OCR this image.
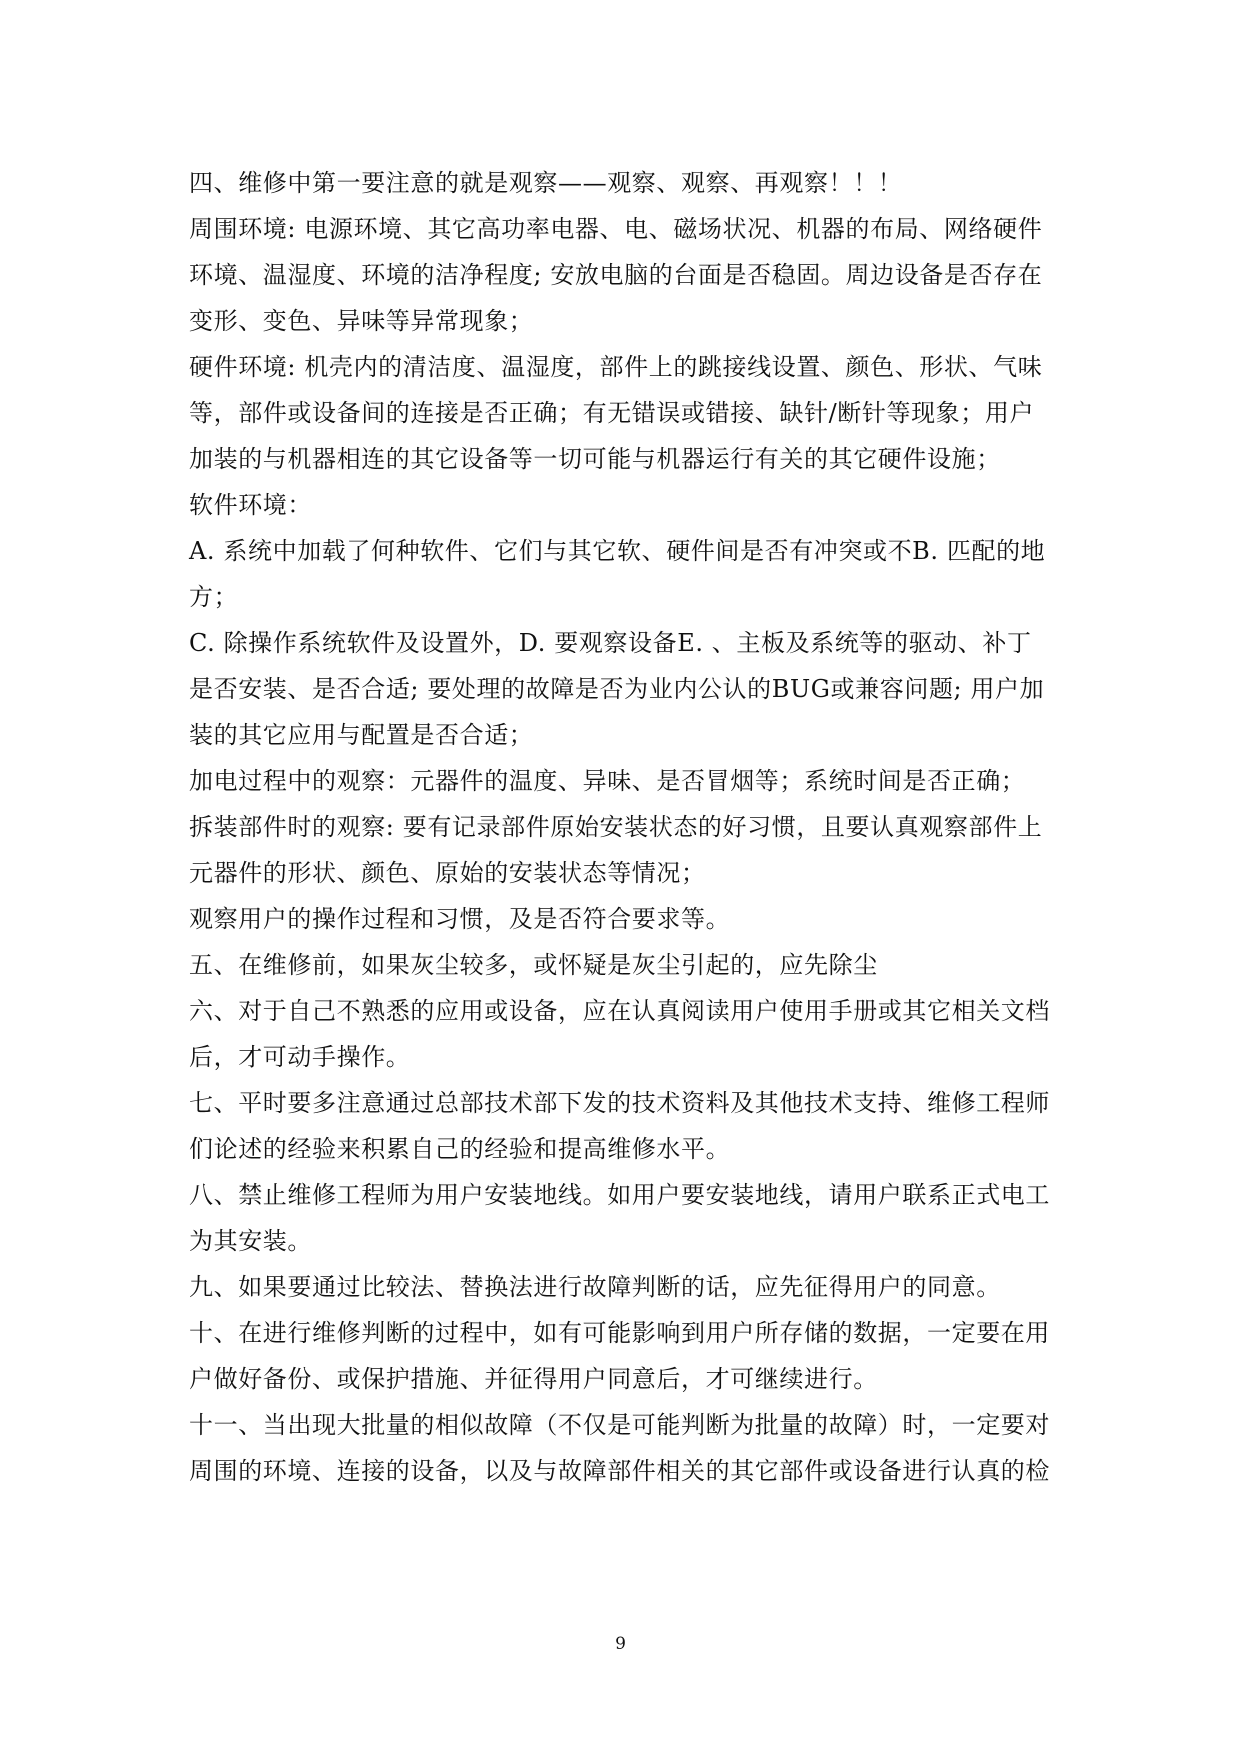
四、维修中第一要注意的就是观察——观察、观察、再观察！！！
周围环境: 电源环境、其它高功率电器、电、磁场状况、机器的布局、网络硬件
环境、温湿度、环境的洁净程度; 安放电脑的台面是否稳固。周边设备是否存在
变形、变色、异味等异常现象；
硬件环境: 机壳内的清洁度、温湿度，部件上的跳接线设置、颜色、形状、气味
等，部件或设备间的连接是否正确；有无错误或错接、缺针/断针等现象；用户
加装的与机器相连的其它设备等一切可能与机器运行有关的其它硬件设施；
软件环境：
A. 系统中加载了何种软件、它们与其它软、硬件间是否有冲突或不B. 匹配的地
方；
C. 除操作系统软件及设置外，D. 要观察设备E. 、主板及系统等的驱动、补丁
是否安装、是否合适; 要处理的故障是否为业内公认的BUG或兼容问题; 用户加
装的其它应用与配置是否合适；
加电过程中的观察：元器件的温度、异味、是否冒烟等；系统时间是否正确；
拆装部件时的观察: 要有记录部件原始安装状态的好习惯，且要认真观察部件上
元器件的形状、颜色、原始的安装状态等情况；
观察用户的操作过程和习惯，及是否符合要求等。
五、在维修前，如果灰尘较多，或怀疑是灰尘引起的，应先除尘
六、对于自己不熟悉的应用或设备，应在认真阅读用户使用手册或其它相关文档
后，才可动手操作。
七、平时要多注意通过总部技术部下发的技术资料及其他技术支持、维修工程师
们论述的经验来积累自己的经验和提高维修水平。
八、禁止维修工程师为用户安装地线。如用户要安装地线，请用户联系正式电工
为其安装。
九、如果要通过比较法、替换法进行故障判断的话，应先征得用户的同意。
十、在进行维修判断的过程中，如有可能影响到用户所存储的数据，一定要在用
户做好备份、或保护措施、并征得用户同意后，才可继续进行。
十一、当出现大批量的相似故障（不仅是可能判断为批量的故障）时，一定要对
周围的环境、连接的设备，以及与故障部件相关的其它部件或设备进行认真的检
9
